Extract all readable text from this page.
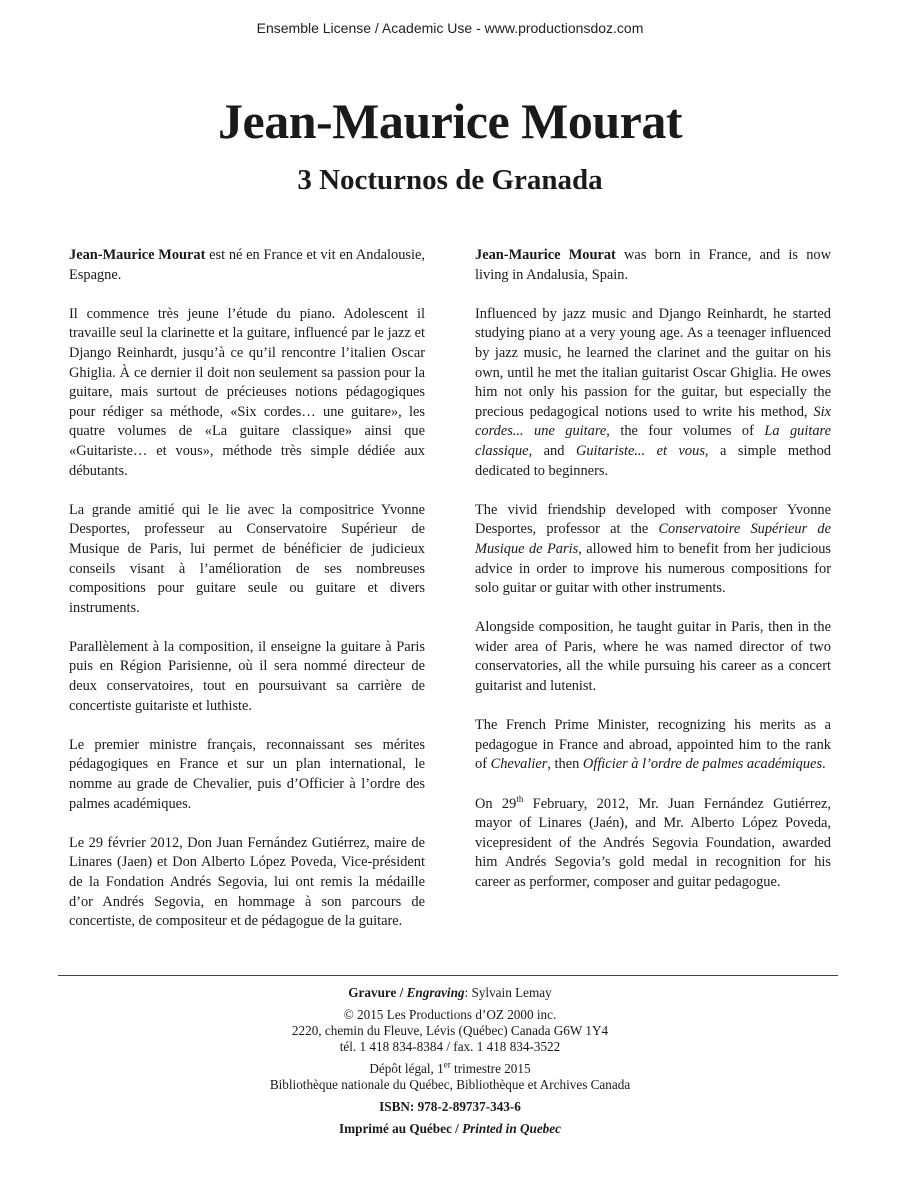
Ensemble License / Academic Use - www.productionsdoz.com
Jean-Maurice Mourat
3 Nocturnos de Granada

Jean-Maurice Mourat est né en France et vit en Andalousie, Espagne.

Il commence très jeune l’étude du piano. Adolescent il travaille seul la clarinette et la guitare, influencé par le jazz et Django Reinhardt, jusqu’à ce qu’il rencontre l’italien Oscar Ghiglia. À ce dernier il doit non seulement sa passion pour la guitare, mais surtout de précieuses notions pédagogiques pour rédiger sa méthode, «Six cordes… une guitare», les quatre volumes de «La guitare classique» ainsi que «Guitariste… et vous», méthode très simple dédiée aux débutants.

La grande amitié qui le lie avec la compositrice Yvonne Desportes, professeur au Conservatoire Supérieur de Musique de Paris, lui permet de bénéficier de judicieux conseils visant à l’amélioration de ses nombreuses compositions pour guitare seule ou guitare et divers instruments.

Parallèlement à la composition, il enseigne la guitare à Paris puis en Région Parisienne, où il sera nommé directeur de deux conservatoires, tout en poursuivant sa carrière de concertiste guitariste et luthiste.

Le premier ministre français, reconnaissant ses mérites pédagogiques en France et sur un plan international, le nomme au grade de Chevalier, puis d’Officier à l’ordre des palmes académiques.

Le 29 février 2012, Don Juan Fernández Gutiérrez, maire de Linares (Jaen) et Don Alberto López Poveda, Vice-président de la Fondation Andrés Segovia, lui ont remis la médaille d’or Andrés Segovia, en hommage à son parcours de concertiste, de compositeur et de pédagogue de la guitare.

Jean-Maurice Mourat was born in France, and is now living in Andalusia, Spain.

Influenced by jazz music and Django Reinhardt, he started studying piano at a very young age. As a teenager influenced by jazz music, he learned the clarinet and the guitar on his own, until he met the italian guitarist Oscar Ghiglia. He owes him not only his passion for the guitar, but especially the precious pedagogical notions used to write his method, Six cordes... une guitare, the four volumes of La guitare classique, and Guitariste... et vous, a simple method dedicated to beginners.

The vivid friendship developed with composer Yvonne Desportes, professor at the Conservatoire Supérieur de Musique de Paris, allowed him to benefit from her judicious advice in order to improve his numerous compositions for solo guitar or guitar with other instruments.

Alongside composition, he taught guitar in Paris, then in the wider area of Paris, where he was named director of two conservatories, all the while pursuing his career as a concert guitarist and lutenist.

The French Prime Minister, recognizing his merits as a pedagogue in France and abroad, appointed him to the rank of Chevalier, then Officier à l’ordre de palmes académiques.

On 29th February, 2012, Mr. Juan Fernández Gutiérrez, mayor of Linares (Jaén), and Mr. Alberto López Poveda, vicepresident of the Andrés Segovia Foundation, awarded him Andrés Segovia’s gold medal in recognition for his career as performer, composer and guitar pedagogue.

Gravure / Engraving: Sylvain Lemay
© 2015 Les Productions d’OZ 2000 inc.
2220, chemin du Fleuve, Lévis (Québec) Canada G6W 1Y4
tél. 1 418 834-8384 / fax. 1 418 834-3522
Dépôt légal, 1er trimestre 2015
Bibliothèque nationale du Québec, Bibliothèque et Archives Canada
ISBN: 978-2-89737-343-6
Imprimé au Québec / Printed in Quebec
